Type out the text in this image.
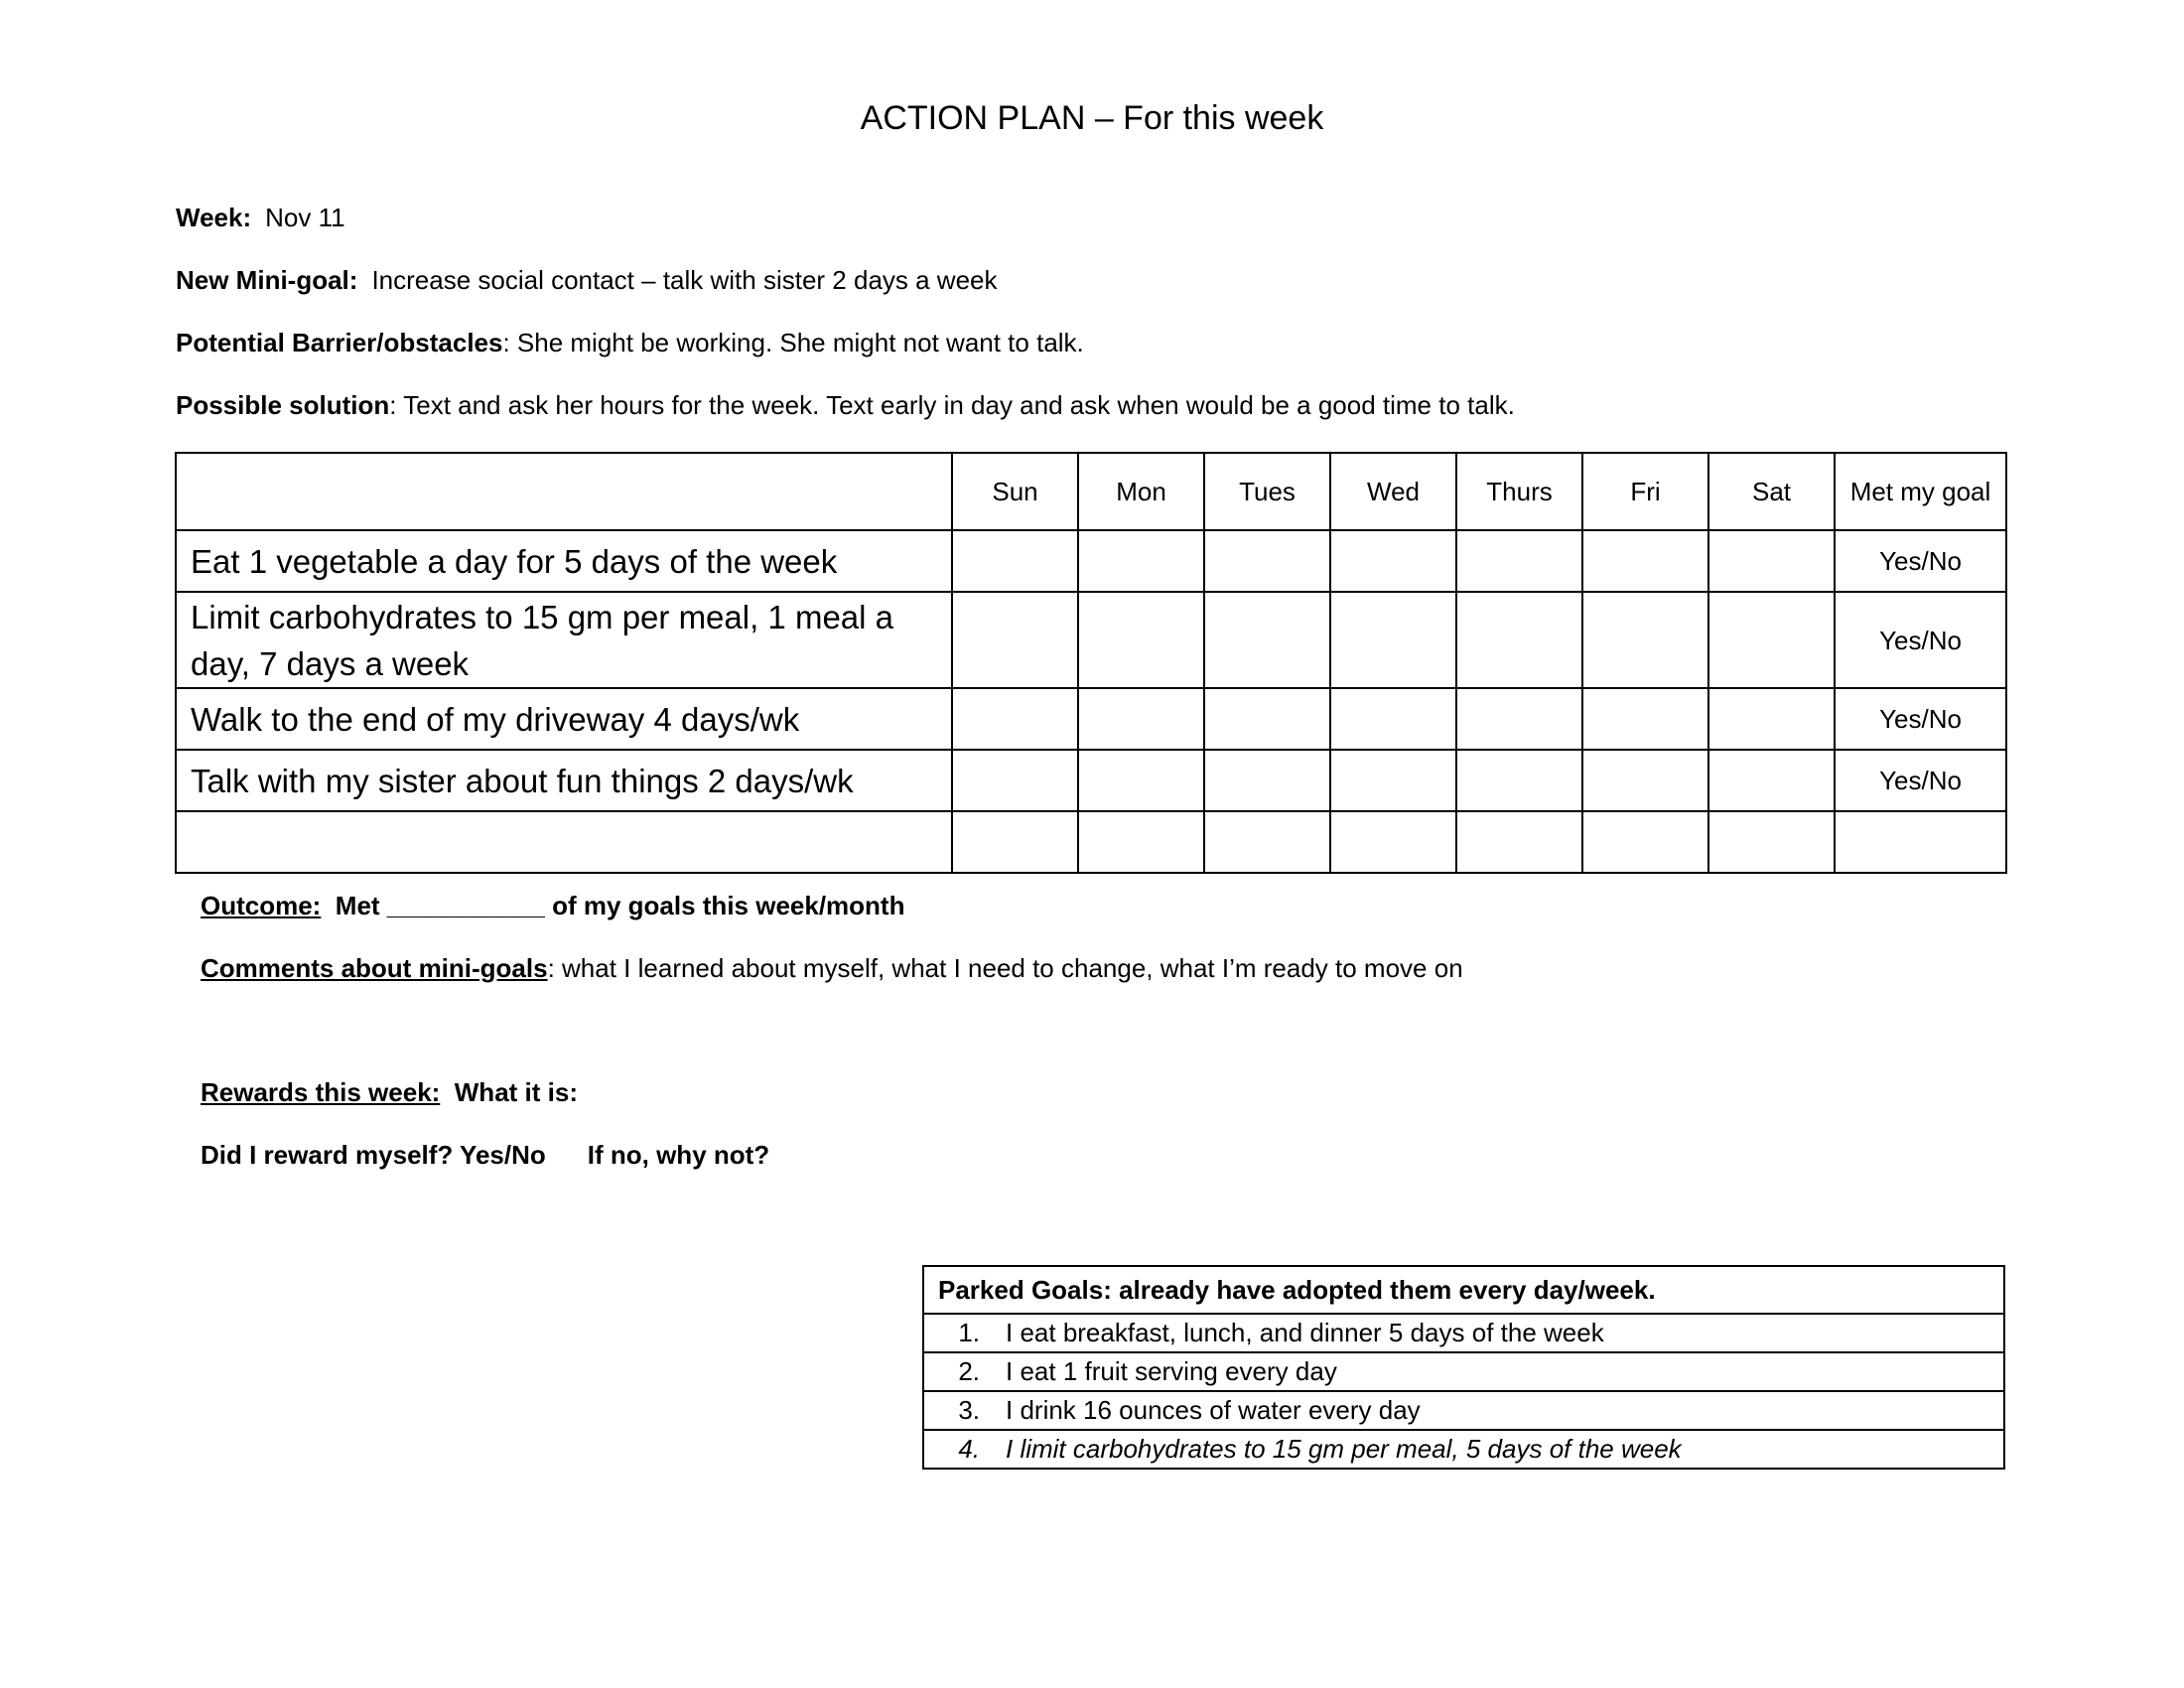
ACTION PLAN – For this week
Week: Nov 11
New Mini-goal: Increase social contact – talk with sister 2 days a week
Potential Barrier/obstacles: She might be working. She might not want to talk.
Possible solution: Text and ask her hours for the week. Text early in day and ask when would be a good time to talk.
	Sun	Mon	Tues	Wed	Thurs	Fri	Sat	Met my goal
Eat 1 vegetable a day for 5 days of the week								Yes/No
Limit carbohydrates to 15 gm per meal, 1 meal a day, 7 days a week								Yes/No
Walk to the end of my driveway 4 days/wk								Yes/No
Talk with my sister about fun things 2 days/wk								Yes/No

Outcome: Met ___________ of my goals this week/month
Comments about mini-goals: what I learned about myself, what I need to change, what I’m ready to move on
Rewards this week: What it is:
Did I reward myself? Yes/No If no, why not?
Parked Goals: already have adopted them every day/week.
1. I eat breakfast, lunch, and dinner 5 days of the week
2. I eat 1 fruit serving every day
3. I drink 16 ounces of water every day
4. I limit carbohydrates to 15 gm per meal, 5 days of the week
